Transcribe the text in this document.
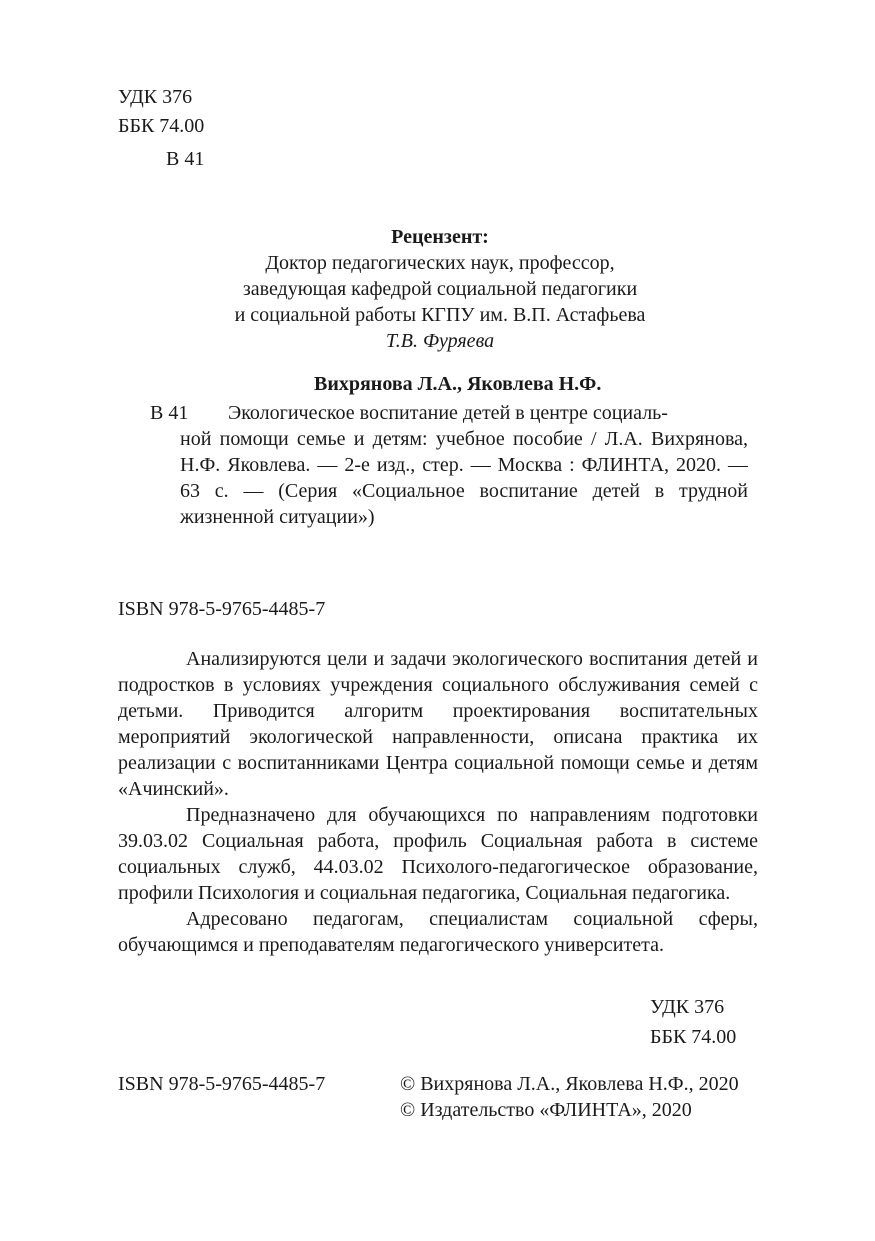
УДК 376
ББК 74.00
В 41
Рецензент:
Доктор педагогических наук, профессор,
заведующая кафедрой социальной педагогики
и социальной работы КГПУ им. В.П. Астафьева
Т.В. Фуряева
Вихрянова Л.А., Яковлева Н.Ф.
В 41	Экологическое воспитание детей в центре социаль-
ной помощи семье и детям: учебное пособие / Л.А. Вихрянова, Н.Ф. Яковлева. — 2-е изд., стер. — Москва : ФЛИНТА, 2020. — 63 с. — (Серия «Социальное воспитание детей в трудной жизненной ситуации»)
ISBN 978-5-9765-4485-7

Анализируются цели и задачи экологического воспитания детей и подростков в условиях учреждения социального обслуживания семей с детьми. Приводится алгоритм проектирования воспитательных мероприятий экологической направленности, описана практика их реализации с воспитанниками Центра социальной помощи семье и детям «Ачинский».

Предназначено для обучающихся по направлениям подготовки 39.03.02 Социальная работа, профиль Социальная работа в системе социальных служб, 44.03.02 Психолого-педагогическое образование, профили Психология и социальная педагогика, Социальная педагогика.

Адресовано педагогам, специалистам социальной сферы, обучающимся и преподавателям педагогического университета.

УДК 376
ББК 74.00
ISBN 978-5-9765-4485-7	© Вихрянова Л.А., Яковлева Н.Ф., 2020
© Издательство «ФЛИНТА», 2020
